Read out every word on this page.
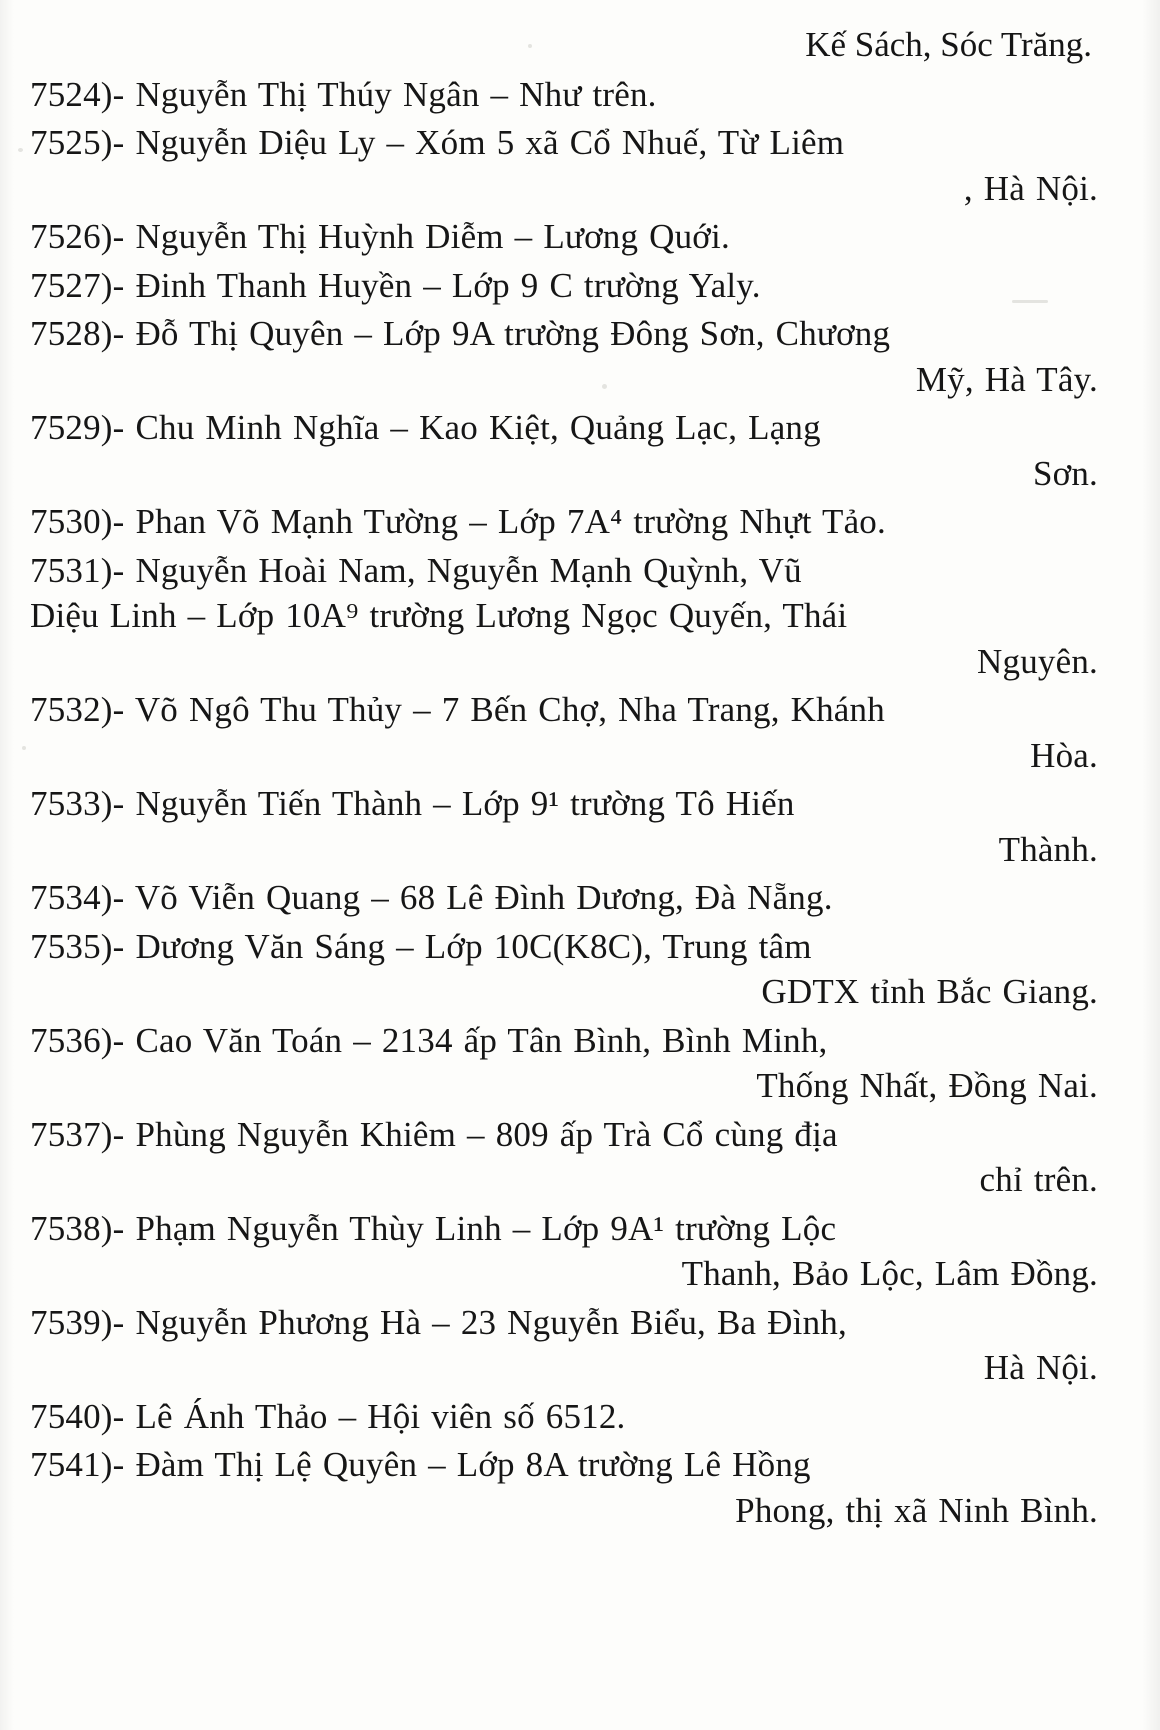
Kế Sách, Sóc Trăng.
7524)- Nguyễn Thị Thúy Ngân – Như trên.
7525)- Nguyễn Diệu Ly – Xóm 5 xã Cổ Nhuế, Từ Liêm
, Hà Nội.
7526)- Nguyễn Thị Huỳnh Diễm – Lương Quới.
7527)- Đinh Thanh Huyền – Lớp 9 C trường Yaly.
7528)- Đỗ Thị Quyên – Lớp 9A trường Đông Sơn, Chương
Mỹ, Hà Tây.
7529)- Chu Minh Nghĩa – Kao Kiệt, Quảng Lạc, Lạng
Sơn.
7530)- Phan Võ Mạnh Tường – Lớp 7A⁴ trường Nhựt Tảo.
7531)- Nguyễn Hoài Nam, Nguyễn Mạnh Quỳnh, Vũ
Diệu Linh – Lớp 10A⁹ trường Lương Ngọc Quyến, Thái
Nguyên.
7532)- Võ Ngô Thu Thủy – 7 Bến Chợ, Nha Trang, Khánh
Hòa.
7533)- Nguyễn Tiến Thành – Lớp 9¹ trường Tô Hiến
Thành.
7534)- Võ Viễn Quang – 68 Lê Đình Dương, Đà Nẵng.
7535)- Dương Văn Sáng – Lớp 10C(K8C), Trung tâm
GDTX tỉnh Bắc Giang.
7536)- Cao Văn Toán – 2134 ấp Tân Bình, Bình Minh,
Thống Nhất, Đồng Nai.
7537)- Phùng Nguyễn Khiêm – 809 ấp Trà Cổ cùng địa
chỉ trên.
7538)- Phạm Nguyễn Thùy Linh – Lớp 9A¹ trường Lộc
Thanh, Bảo Lộc, Lâm Đồng.
7539)- Nguyễn Phương Hà – 23 Nguyễn Biểu, Ba Đình,
Hà Nội.
7540)- Lê Ánh Thảo – Hội viên số 6512.
7541)- Đàm Thị Lệ Quyên – Lớp 8A trường Lê Hồng
Phong, thị xã Ninh Bình.
